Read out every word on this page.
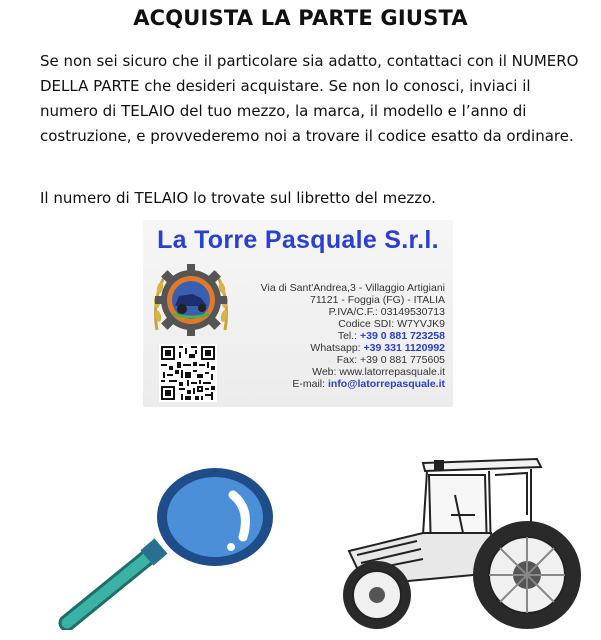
ACQUISTA LA PARTE GIUSTA
Se non sei sicuro che il particolare sia adatto, contattaci con il NUMERO DELLA PARTE che desideri acquistare. Se non lo conosci, inviaci il numero di TELAIO del tuo mezzo, la marca, il modello e l’anno di costruzione, e provvederemo noi a trovare il codice esatto da ordinare.
Il numero di TELAIO lo trovate sul libretto del mezzo.
La Torre Pasquale S.r.l.
Via di Sant'Andrea,3 - Villaggio Artigiani
71121 - Foggia (FG) - ITALIA
P.IVA/C.F.: 03149530713
Codice SDI: W7YVJK9
Tel.: +39 0 881 723258
Whatsapp: +39 331 1120992
Fax: +39 0 881 775605
Web: www.latorrepasquale.it
E-mail: info@latorrepasquale.it
